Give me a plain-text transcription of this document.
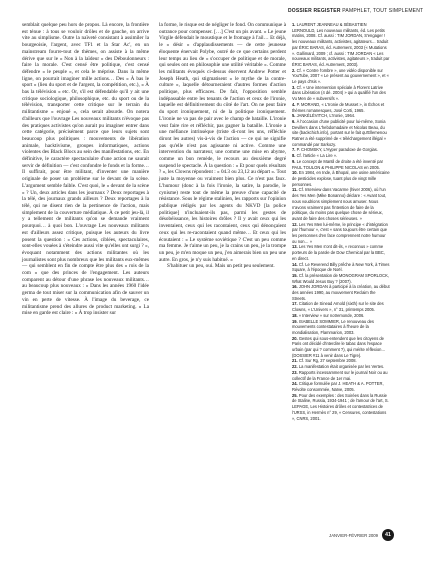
DOSSIER REGISTER PAMPHLET, TOUT SIMPLEMENT

semblait quelque peu hors de propos. Là encore, la frontière est ténue : à tous se vouloir drôles et de gauche, on arrive vite au simplisme. Outre la naïveté consistant à assimiler la bourgeoisie, l'argent, avec TF1 et la Star Ac', en un mainstream fourre-tout de thèmes, on assiste à la même dérive que sur le « Non à la laïdeur » des Déboulonneurs : faire la morale. C'est censé être politique, c'est censé défendre « le peuple », et cela le méprise. Dans la même ligne, on pourrait imaginer mille actions… Des « À bas le sport » (lieu du sport et de l'argent, la compétition, etc.), « À bas la télévision » etc. Or, s'il est défendable qu'il y ait une critique sociologique, philosophique, etc. du sport ou de la télévision, transporter cette critique sur le terrain du militantisme « enjoué », cela serait absurde. On notera d'ailleurs que l'ouvrage Les nouveaux militants n'évoque pas des pratiques activistes qu'on aurait pu imaginer entrer dans cette catégorie, précisément parce que leurs sujets sont beaucoup plus politiques : mouvements de libération animale, hacktivisme, groupes informatiques, actions violentes des Black Blocs au sein des manifestations, etc. En définitive, le caractère spectaculaire d'une action ne saurait servir de définition — c'est confondre le fonds et la forme… Il suffirait, pour être militant, d'inventer une manière originale de poser un problème sur le devant de la scène. L'argument semble faible. C'est quoi, le « devant de la scène » ? Un, deux articles dans les journaux ? Deux reportages à la télé, des journaux grands ailleurs ? Deux reportages à la télé, qui ne disent rien de la pertinence de l'action, mais simplement de la couverture médiatique. À ce petit jeu-là, il y a tellement de militants qu'on se demande vraiment pourquoi… à quoi bon. L'ouvrage Les nouveaux militants est d'ailleurs assez critique, puisque les auteurs du livre posent la question : « Ces actions, ciblées, spectaculaires, sont-elles vouées à s'éteindre aussi vite qu'elles ont surgi ? », évoquant notamment des actions militantes où les journalistes sont plus nombreux que les militants eux-mêmes — qui semblent en fin de compte être plus des « rois de la com » que des princes de l'engagement. Les auteurs comparent au détour d'une phrase les nouveaux militants… au beaucoup plus nouveaux : « Dans les années 1960 l'idée germa de tout miser sur la communication afin de sauver un vin en perte de vitesse. À l'image du beverage, ce militantisme prend des allures de product marketing. » La mise en garde est claire : « À trop insister sur

la forme, le risque est de négliger le fond. On communique à outrance pour compenser. […] C'est un pis avant. » Le jeune Virgile défendait le moustique et le fromage à l'ail… Et déjà, le « désir » d'applaudissements — de cette jeunesse éloquente énervait Polybe, outré de ce que certains perdent leur temps au lieu de « s'occuper de politique et de morale, qui seules ont en philosophie une utilité véritable ». Comme les militants évoqués ci-dessus énervent Andrew Potter et Joseph Heath, qui stigmatisent « le mythe de la contre-culture », laquelle détourneraient d'autres formes d'action politique, plus efficaces. De fait, l'opposition semble indépassable entre les tenants de l'action et ceux de l'ironie, laquelle est définitivement du côté de l'art. On ne peut faire du sport ironiquement, ni de la politique ironiquement. L'ironie ne va pas de pair avec le champ de bataille. L'ironie veut faire rire et réfléchir, pas gagner la bataille. L'ironie a une méfiance intrinsèque (triste di-ront les uns, réfléchie diront les autres) vis-à-vis de l'action — ce qui ne signifie pas qu'elle n'est pas agissante ni active. Comme une intervention du narrateur, une comme une mise en abyme, comme un bon remède, le recours au deuxième degré suspend le spectacle. À la question : « Et pour quels résultats ? », les Clowns répondent : « 04.3 ou 23,12 au départ ». Tout juste la moyenne ou vraiment bien plus. Ce n'est pas faux. L'humour (donc à la fois l'ironie, la satire, la parodie, le cynisme) reste tout de même la preuve d'une capacité de résistance. Sous le régime stalinien, les rapports sur l'opinion publique rédigés par les agents du NKVD [la police politique] n'incluaient-ils pas, parmi les gestes de désobéissance, les histoires drôles ? Il y avait ceux qui les inventaient, ceux qui les racontaient, ceux qui dénonçaient ceux qui les re-racontaient quand même… Et ceux qui les écoutaient : « Le système soviétique ? C'est un peu comme ma femme. Je t'aime un peu, je la crains un peu, je la trompe un peu, je m'en moque un peu, j'en aimerais bien un peu une autre. En gros, je n'y suis habitué. »

S'habituer un peu, oui. Mais un petit peu seulement.

1. LAURENT JEANNEAU & SÉBASTIEN LERNOULD, Les nouveaux militants, éd. Les petits matins, 2008. Cf. aussi : TIM JORDAN, S'engager ! les nouveaux militants, activistes, agitateurs… traduit par ÉRIC BARAS, éd. Autrement, 2003 (« Mutations ». Gallimard, 2009 ; cf. aussi : TIM JORDAN « Les nouveaux militants, activistes, agitateurs », traduit par ÉRIC BARAS, éd. Autrement, 2003).

2. Cf. « Contre l'ombre », une vidéo disponible sur YouTube, 2007 « Le présent au gouvernement », et « Le pays d'Isis ».

3. Cf. « Une intervention spéciale à Florent Latrive dans Libération (4 dé. 2004) » qui a qualifié l'un des Vu Men de « subversifs ».

4. P. MORAND, « L'Ironie de Musset », in Échos et thèmes romanesques, José Corti, 1965.

5. JANKÉLÉVITCH, L'Ironie, 1964.

6. À l'occasion d'une publicité pour lui-même, Sonia Devillers dans L'hebdomadaire et Nicolas Beau, du site (backchich.info), portant sur le fait qu'Ellemenou Ratner a été supprimé de « téléchargement illégal » commandé par Sarkozy.

7. P. CHOMSKY, L'Hyper paradoxe de Gorgias.

8. Cf. l'article « La Lire ».

9. Le concept de Mantil de droite a été inventé par PAUL TOULON & PHILIPPE NICOLAS en 2005.

10. En 1984, en Inde, à Bhopal, une usine américaine de pesticides explose, tuant plus de vingt mille personnes.

11. Cf. Interview dans Vacarme (hiver 2006), où l'un des Yes Men (Mike Bonanno) déclare : « Avant tout, nous voudrions simplement nous amuser. Nous n'avons vraiment pas l'intention de faire de la politique, du moins pas quelque chose de sérieux, avant de faire des choses sérieuses. »

12. Les Yes Men lui-même, le principe « d'intégration par l'humour », c'est « sans toujours être certain que les personnes d'en face comprennent notre humour ou non… »

13. Les Yes Men s'ont dit-ils, « reconnus » comme porteurs de la parole de Dow Chemical par la BBC, en direct.

14. Cf. Le Reverend Billy prêche à New York, à Times Square, à l'époque de Noël.

15. Cf. la présentation de MONOGRAM SPORLOCK, What Would Jesus Buy ? (2007).

16. JOHN JORDAN à participé à la création, au début des années 1990, au mouvement Reclaim the Streets.

17. Citation de Sinead Arnold (sixth) sur le site des Clowns, « L'Univers », n° 31, printemps 2005.

18. « Interview » sur notremonde, 2006.

19. ISABELLE SOMMIER, Le renouveau des mouvements contestataires à l'heure de la mondialisation, Flammarion, 2003.

20. Gestes qui sous-entendent que les citoyens de Paris ont décidé d'interdire le tabac dans l'espace urbain (par qui ? comment ?), qui mérite réflexion… (DOSSIER #11 à venir dans Le Tigre).

21. Cf. Sur Rg, 27 septembre 2008.

22. La manifestation était organisée par les Vertes.

23. Rapports incessamment sur le journal Noir ou au collectif de la France de 1er mai.

24. Critique formulée par J. HEATH & A. POTTER, Révolte consommée, Naïve, 2005.

25. Pour des exemples : des Soirées dans la Russie de Staline, Russia, 1934-1941 ; de l'amour de l'art, S. LEPAGE, Les Histoires drôles et contestatrices de l'URSS, in Hermès n° 29, « Censures, contestations », CNRS, 2001.

JANVIER-FÉVRIER 2009	41
